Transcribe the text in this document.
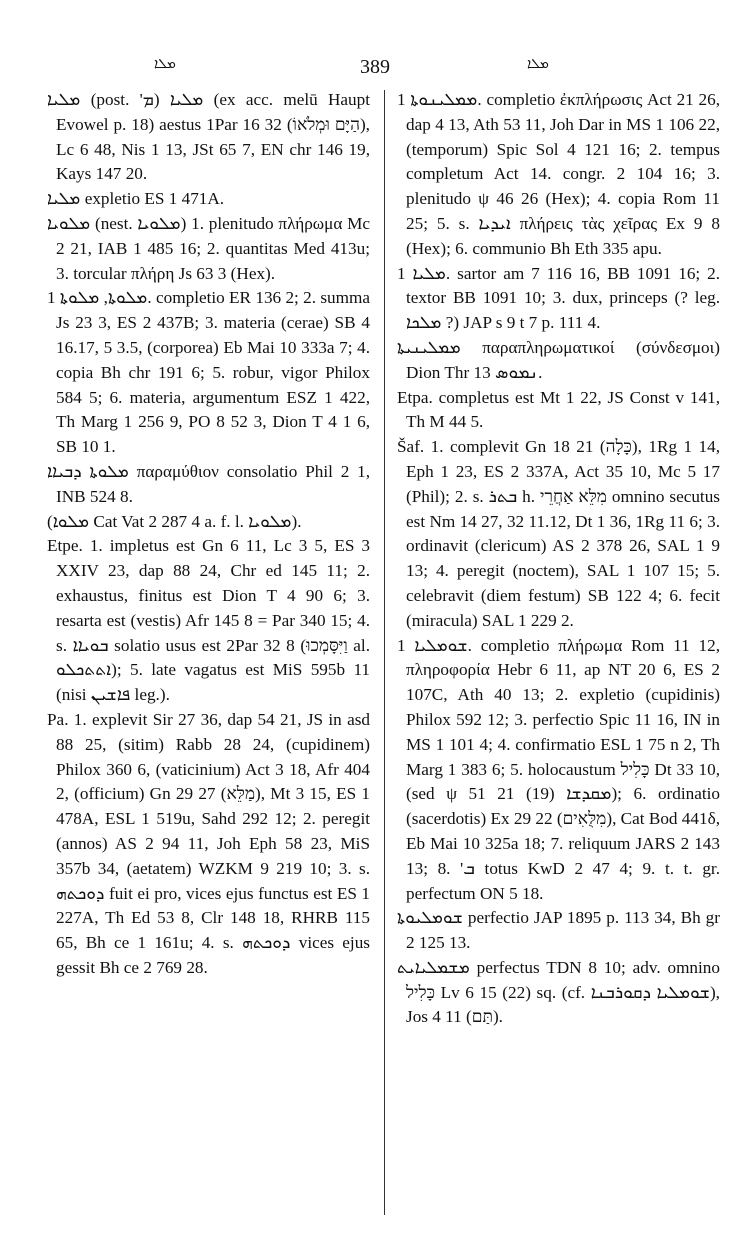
ܡܠܐ	389	ܡܠܐ

ܡܠܝܐ (post. 'ܡ) ܡܠܝܐ (ex acc. melū Haupt Evowel p. 18) aestus 1Par 16 32 (הַיָּם וּמְלֹאוֹ), Lc 6 48, Nis 1 13, JSt 65 7, EN chr 146 19, Kays 147 20.

ܡܠܝܐ expletio ES 1 471A.

ܡܠܘܝܐ (nest. ܡܠܘܝܐ) 1. plenitudo πλήρωμα Mc 2 21, IAB 1 485 16; 2. quantitas Med 413u; 3. torcular πλήρη Js 63 3 (Hex).

ܡܠܘܬܐ, ܡܠܘܬܐ 1. completio ER 136 2; 2. summa Js 23 3, ES 2 437B; 3. materia (cerae) SB 4 16.17, 5 3.5, (corporea) Eb Mai 10 333a 7; 4. copia Bh chr 191 6; 5. robur, vigor Philox 584 5; 6. materia, argumentum ESZ 1 422, Th Marg 1 256 9, PO 8 52 3, Dion T 4 1 6, SB 10 1.

ܡܠܘܬܐ ܕܒܝܐܐ παραμύθιον consolatio Phil 2 1, INB 524 8.

(ܡܠܘܐ Cat Vat 2 287 4 a. f. l. ܡܠܘܝܐ).

Etpe. 1. impletus est Gn 6 11, Lc 3 5, ES 3 XXIV 23, dap 88 24, Chr ed 145 11; 2. exhaustus, finitus est Dion T 4 90 6; 3. resarta est (vestis) Afr 145 8 = Par 340 15; 4. s. ܒܘܝܐܐ solatio usus est 2Par 32 8 (וַיִּסָּמְכוּ al. ܐܬܬܟܠܘ); 5. late vagatus est MiS 595b 11 (nisi ܦܐܫܝܢ leg.).

Pa. 1. explevit Sir 27 36, dap 54 21, JS in asd 88 25, (sitim) Rabb 28 24, (cupidinem) Philox 360 6, (vaticinium) Act 3 18, Afr 404 2, (officium) Gn 29 27 (מַלֵּא), Mt 3 15, ES 1 478A, ESL 1 519u, Sahd 292 12; 2. peregit (annos) AS 2 94 11, Joh Eph 58 23, MiS 357b 34, (aetatem) WZKM 9 219 10; 3. s. ܕܘܟܬܗ fuit ei pro, vices ejus functus est ES 1 227A, Th Ed 53 8, Clr 148 18, RHRB 115 65, Bh ce 1 161u; 4. s. ܕܘܟܬܗ vices ejus gessit Bh ce 2 769 28.

ܡܡܠܝܢܘܬܐ 1. completio ἐκπλήρωσις Act 21 26, dap 4 13, Ath 53 11, Joh Dar in MS 1 106 22, (temporum) Spic Sol 4 121 16; 2. tempus completum Act 14. congr. 2 104 16; 3. plenitudo ψ 46 26 (Hex); 4. copia Rom 11 25; 5. s. ܐܝܕܝܐ πλήρεις τὰς χεῖρας Ex 9 8 (Hex); 6. communio Bh Eth 335 apu.

ܡܠܝܐ 1. sartor am 7 116 16, BB 1091 16; 2. textor BB 1091 10; 3. dux, princeps (? leg. ܡܠܟܐ ?) JAP s 9 t 7 p. 111 4.

ܡܡܠܝܢܝܬܐ παραπληρωματικοί (σύνδεσμοι) Dion Thr ܢܡܘܣ 13.

Etpa. completus est Mt 1 22, JS Const v 141, Th M 44 5.

Šaf. 1. complevit Gn 18 21 (כָּלָה), 1Rg 1 14, Eph 1 23, ES 2 337A, Act 35 10, Mc 5 17 (Phil); 2. s. ܒܬܪ h. מִלֵּא אַחֲרֵי omnino secutus est Nm 14 27, 32 11.12, Dt 1 36, 1Rg 11 6; 3. ordinavit (clericum) AS 2 378 26, SAL 1 9 13; 4. peregit (noctem), SAL 1 107 15; 5. celebravit (diem festum) SB 122 4; 6. fecit (miracula) SAL 1 229 2.

ܫܘܡܠܝܐ 1. completio πλήρωμα Rom 11 12, πληροφορία Hebr 6 11, ap NT 20 6, ES 2 107C, Ath 40 13; 2. expletio (cupidinis) Philox 592 12; 3. perfectio Spic 11 16, IN in MS 1 101 4; 4. confirmatio ESL 1 75 n 2, Th Marg 1 383 6; 5. holocaustum כָּלִיל Dt 33 10, (sed ψ 51 21 (19) ܡܩܕܫܐ); 6. ordinatio (sacerdotis) Ex 29 22 (מִלֻּאִים), Cat Bod 441δ, Eb Mai 10 325a 18; 7. reliquum JARS 2 143 13; 8. 'ܒ totus KwD 2 47 4; 9. t. t. gr. perfectum ON 5 18.

ܫܘܡܠܝܘܬܐ perfectio JAP 1895 p. 113 34, Bh gr 2 125 13.

ܡܫܡܠܝܐܝܬ perfectus TDN 8 10; adv. omnino כָּלִיל Lv 6 15 (22) sq. (cf. ܫܘܡܠܝܐ ܕܩܘܪܒܢܐ), Jos 4 11 (תַּם).
